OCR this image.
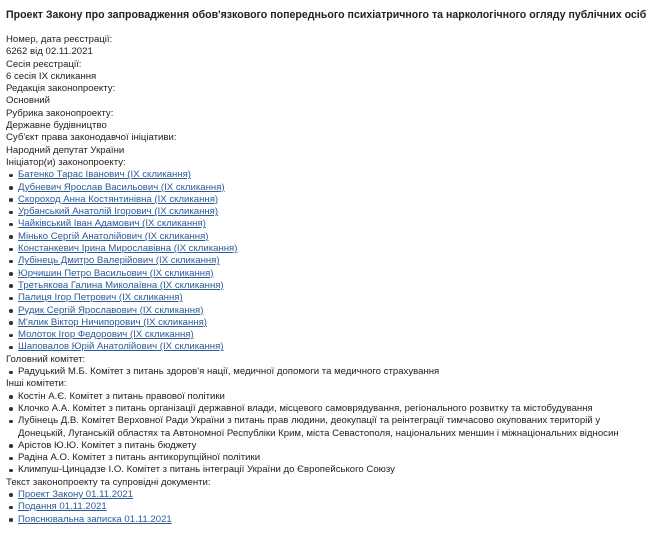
Проект Закону про запровадження обов'язкового попереднього психіатричного та наркологічного огляду публічних осіб
Номер, дата реєстрації:
6262 від 02.11.2021
Сесія реєстрації:
6 сесія IX скликання
Редакція законопроекту:
Основний
Рубрика законопроекту:
Державне будівництво
Суб'єкт права законодавчої ініціативи:
Народний депутат України
Ініціатор(и) законопроекту:
Батенко Тарас Іванович (IX скликання)
Дубневич Ярослав Васильович (IX скликання)
Скороход Анна Костянтинівна (IX скликання)
Урбанський Анатолій Ігорович (IX скликання)
Чайківський Іван Адамович (IX скликання)
Мінько Сергій Анатолійович (IX скликання)
Констанкевич Ірина Мирославівна (IX скликання)
Лубінець Дмитро Валерійович (IX скликання)
Юрчишин Петро Васильович (IX скликання)
Третьякова Галина Миколаївна (IX скликання)
Палиця Ігор Петрович (IX скликання)
Рудик Сергій Ярославович (IX скликання)
М'ялик Віктор Ничипорович (IX скликання)
Молоток Ігор Федорович (IX скликання)
Шаповалов Юрій Анатолійович (IX скликання)
Головний комітет:
Радуцький М.Б. Комітет з питань здоров'я нації, медичної допомоги та медичного страхування
Інші комітети:
Костін А.Є. Комітет з питань правової політики
Клочко А.А. Комітет з питань організації державної влади, місцевого самоврядування, регіонального розвитку та містобудування
Лубінець Д.В. Комітет Верховної Ради України з питань прав людини, деокупації та реінтеграції тимчасово окупованих територій у Донецькій, Луганській областях та Автономної Республіки Крим, міста Севастополя, національних меншин і міжнаціональних відносин
Арістов Ю.Ю. Комітет з питань бюджету
Радіна А.О. Комітет з питань антикорупційної політики
Климпуш-Цинцадзе І.О. Комітет з питань інтеграції України до Європейського Союзу
Текст законопроекту та супровідні документи:
Проект Закону 01.11.2021
Подання 01.11.2021
Пояснювальна записка 01.11.2021
